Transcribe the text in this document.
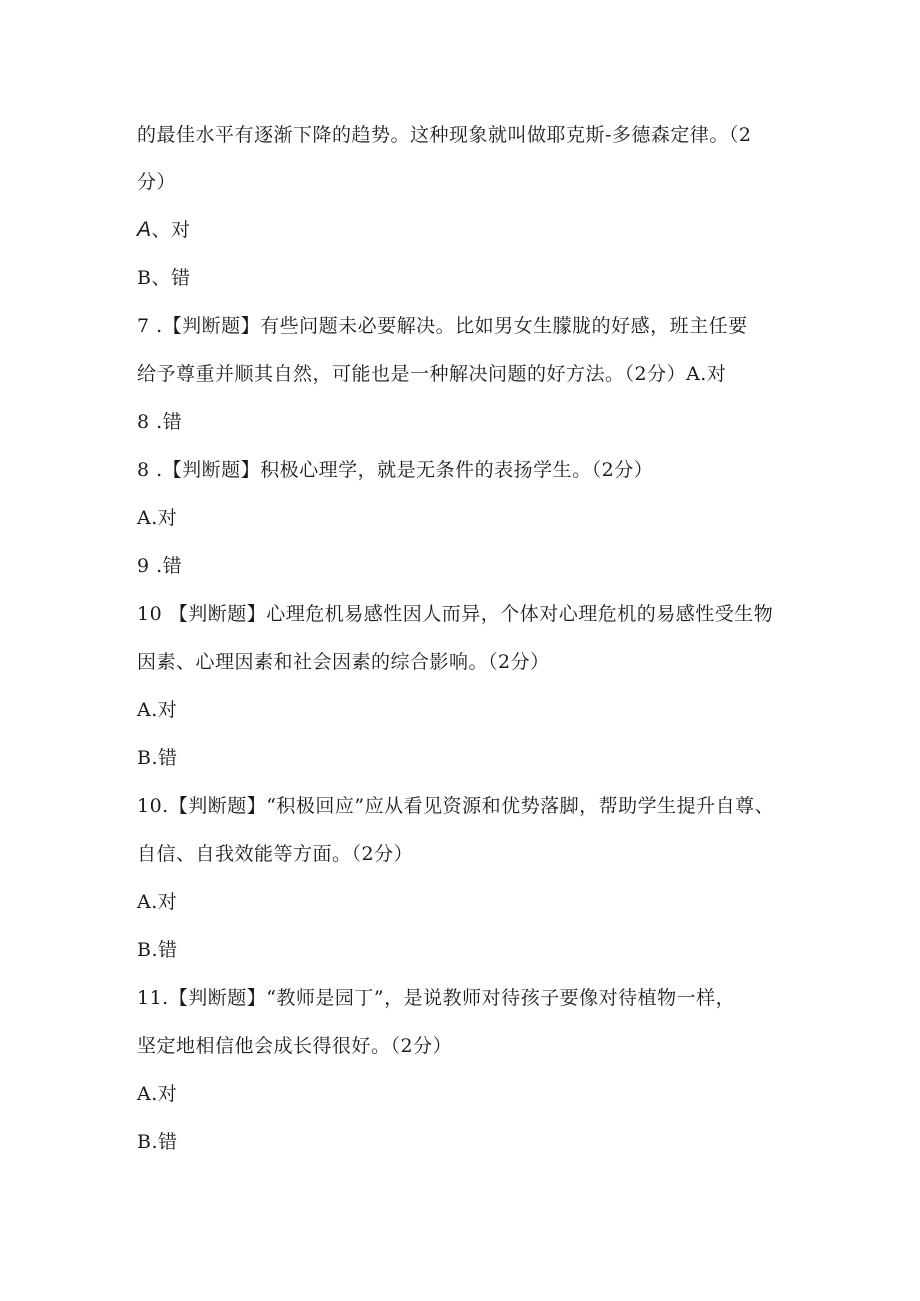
的最佳水平有逐渐下降的趋势。这种现象就叫做耶克斯-多德森定律。（2
分）
A、对
B、错
7 .【判断题】有些问题未必要解决。比如男女生朦胧的好感，班主任要
给予尊重并顺其自然，可能也是一种解决问题的好方法。（2分）A.对
8 .错
8 .【判断题】积极心理学，就是无条件的表扬学生。（2分）
A.对
9 .错
10 【判断题】心理危机易感性因人而异，个体对心理危机的易感性受生物
因素、心理因素和社会因素的综合影响。（2分）
A.对
B.错
10.【判断题】“积极回应”应从看见资源和优势落脚，帮助学生提升自尊、
自信、自我效能等方面。（2分）
A.对
B.错
11.【判断题】“教师是园丁”，是说教师对待孩子要像对待植物一样，
坚定地相信他会成长得很好。（2分）
A.对
B.错
